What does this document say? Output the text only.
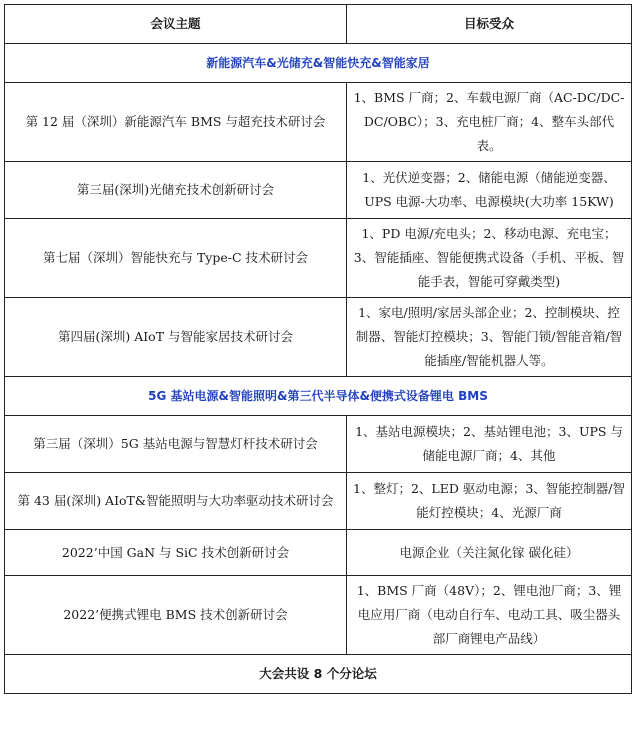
会议主题	目标受众
新能源汽车&光储充&智能快充&智能家居	
第 12 届（深圳）新能源汽车 BMS 与超充技术研讨会	1、BMS 厂商；2、车载电源厂商（AC-DC/DC-DC/OBC）；3、充电桩厂商；4、整车头部代表。
第三届(深圳)光储充技术创新研讨会	1、光伏逆变器；2、储能电源（储能逆变器、UPS 电源-大功率、电源模块(大功率 15KW)
第七届（深圳）智能快充与 Type-C 技术研讨会	1、PD 电源/充电头；2、移动电源、充电宝；3、智能插座、智能便携式设备（手机、平板、智能手表，智能可穿戴类型)
第四届(深圳) AIoT 与智能家居技术研讨会	1、家电/照明/家居头部企业；2、控制模块、控制器、智能灯控模块；3、智能门锁/智能音箱/智能插座/智能机器人等。
5G 基站电源&智能照明&第三代半导体&便携式设备锂电 BMS	
第三届（深圳）5G 基站电源与智慧灯杆技术研讨会	1、基站电源模块；2、基站锂电池；3、UPS 与储能电源厂商；4、其他
第 43 届(深圳) AIoT&智能照明与大功率驱动技术研讨会	1、整灯；2、LED 驱动电源；3、智能控制器/智能灯控模块；4、光源厂商
2022’中国 GaN 与 SiC 技术创新研讨会	电源企业（关注氮化镓 碳化硅）
2022’便携式锂电 BMS 技术创新研讨会	1、BMS 厂商（48V）；2、锂电池厂商；3、锂电应用厂商（电动自行车、电动工具、吸尘器头部厂商锂电产品线）
大会共设 8 个分论坛	
